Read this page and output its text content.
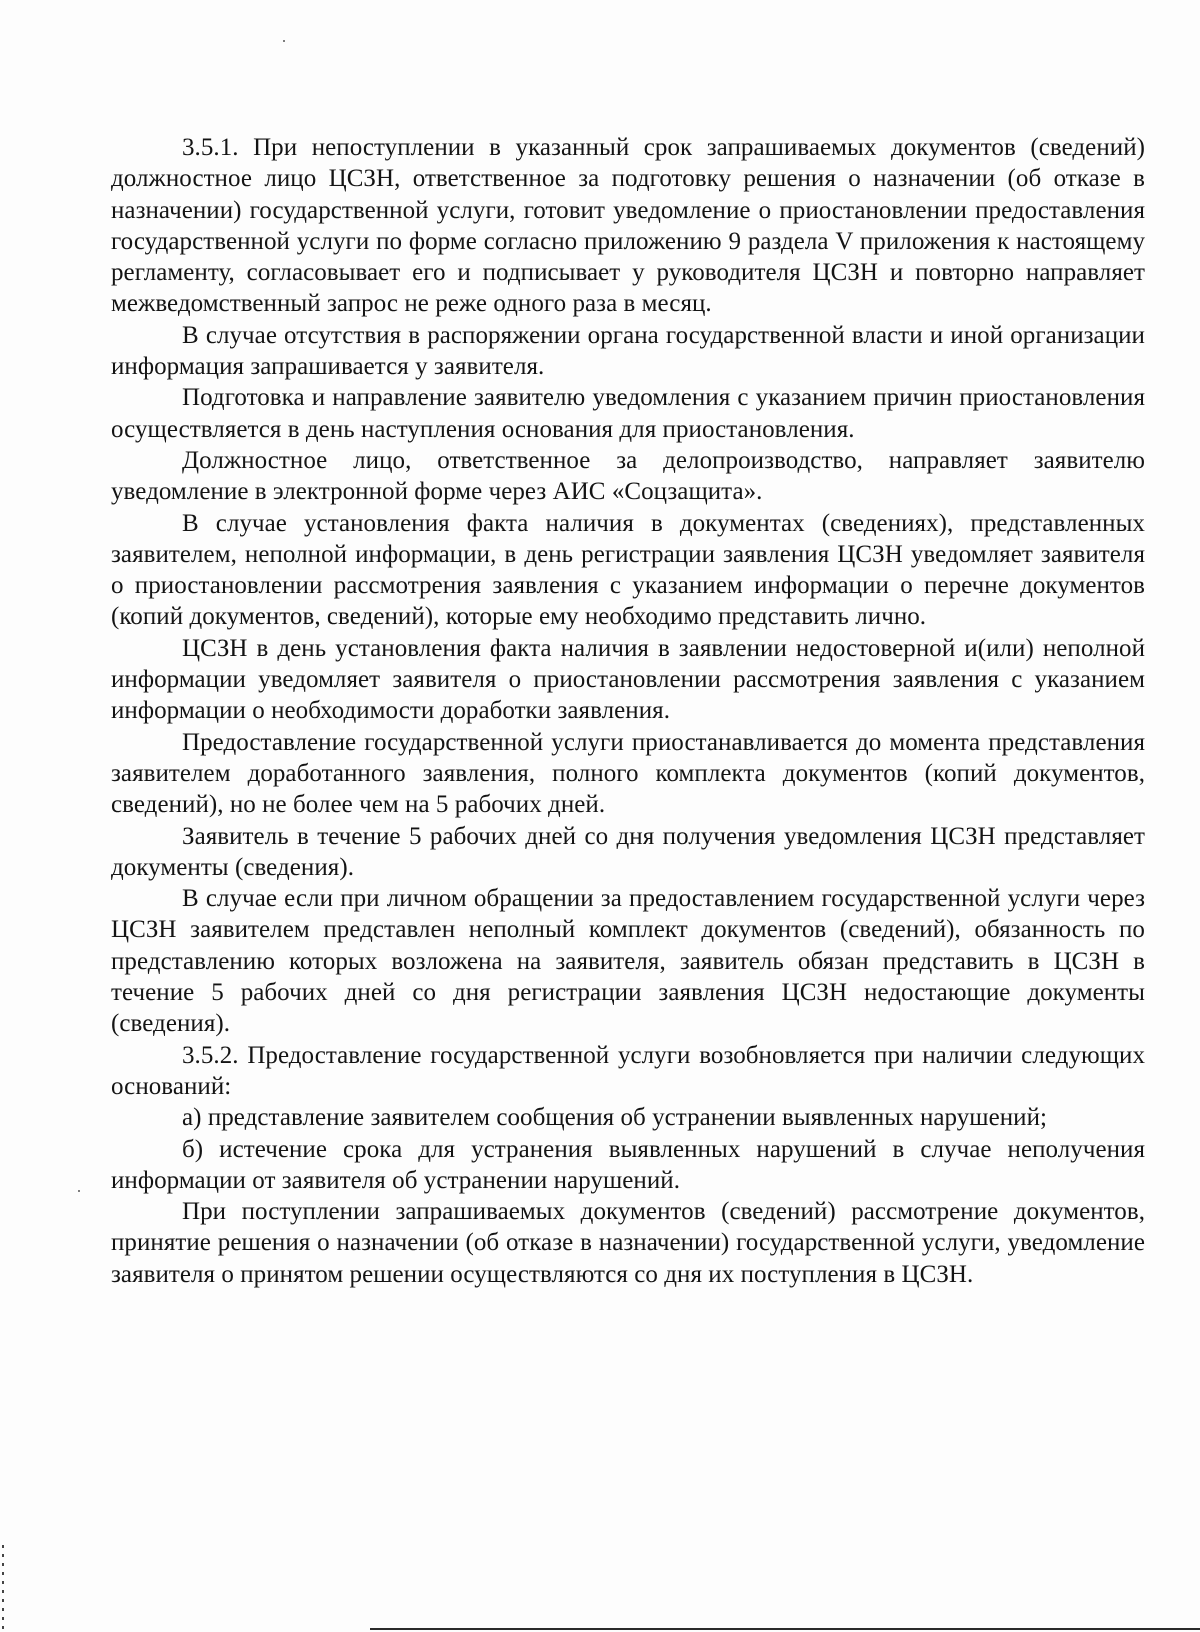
3.5.1. При непоступлении в указанный срок запрашиваемых документов (сведений) должностное лицо ЦСЗН, ответственное за подготовку решения о назначении (об отказе в назначении) государственной услуги, готовит уведомление о приостановлении предоставления государственной услуги по форме согласно приложению 9 раздела V приложения к настоящему регламенту, согласовывает его и подписывает у руководителя ЦСЗН и повторно направляет межведомственный запрос не реже одного раза в месяц.

В случае отсутствия в распоряжении органа государственной власти и иной организации информация запрашивается у заявителя.

Подготовка и направление заявителю уведомления с указанием причин приостановления осуществляется в день наступления основания для приостановления.

Должностное лицо, ответственное за делопроизводство, направляет заявителю уведомление в электронной форме через АИС «Соцзащита».

В случае установления факта наличия в документах (сведениях), представленных заявителем, неполной информации, в день регистрации заявления ЦСЗН уведомляет заявителя о приостановлении рассмотрения заявления с указанием информации о перечне документов (копий документов, сведений), которые ему необходимо представить лично.

ЦСЗН в день установления факта наличия в заявлении недостоверной и(или) неполной информации уведомляет заявителя о приостановлении рассмотрения заявления с указанием информации о необходимости доработки заявления.

Предоставление государственной услуги приостанавливается до момента представления заявителем доработанного заявления, полного комплекта документов (копий документов, сведений), но не более чем на 5 рабочих дней.

Заявитель в течение 5 рабочих дней со дня получения уведомления ЦСЗН представляет документы (сведения).

В случае если при личном обращении за предоставлением государственной услуги через ЦСЗН заявителем представлен неполный комплект документов (сведений), обязанность по представлению которых возложена на заявителя, заявитель обязан представить в ЦСЗН в течение 5 рабочих дней со дня регистрации заявления ЦСЗН недостающие документы (сведения).

3.5.2. Предоставление государственной услуги возобновляется при наличии следующих оснований:

а) представление заявителем сообщения об устранении выявленных нарушений;

б) истечение срока для устранения выявленных нарушений в случае неполучения информации от заявителя об устранении нарушений.

При поступлении запрашиваемых документов (сведений) рассмотрение документов, принятие решения о назначении (об отказе в назначении) государственной услуги, уведомление заявителя о принятом решении осуществляются со дня их поступления в ЦСЗН.
